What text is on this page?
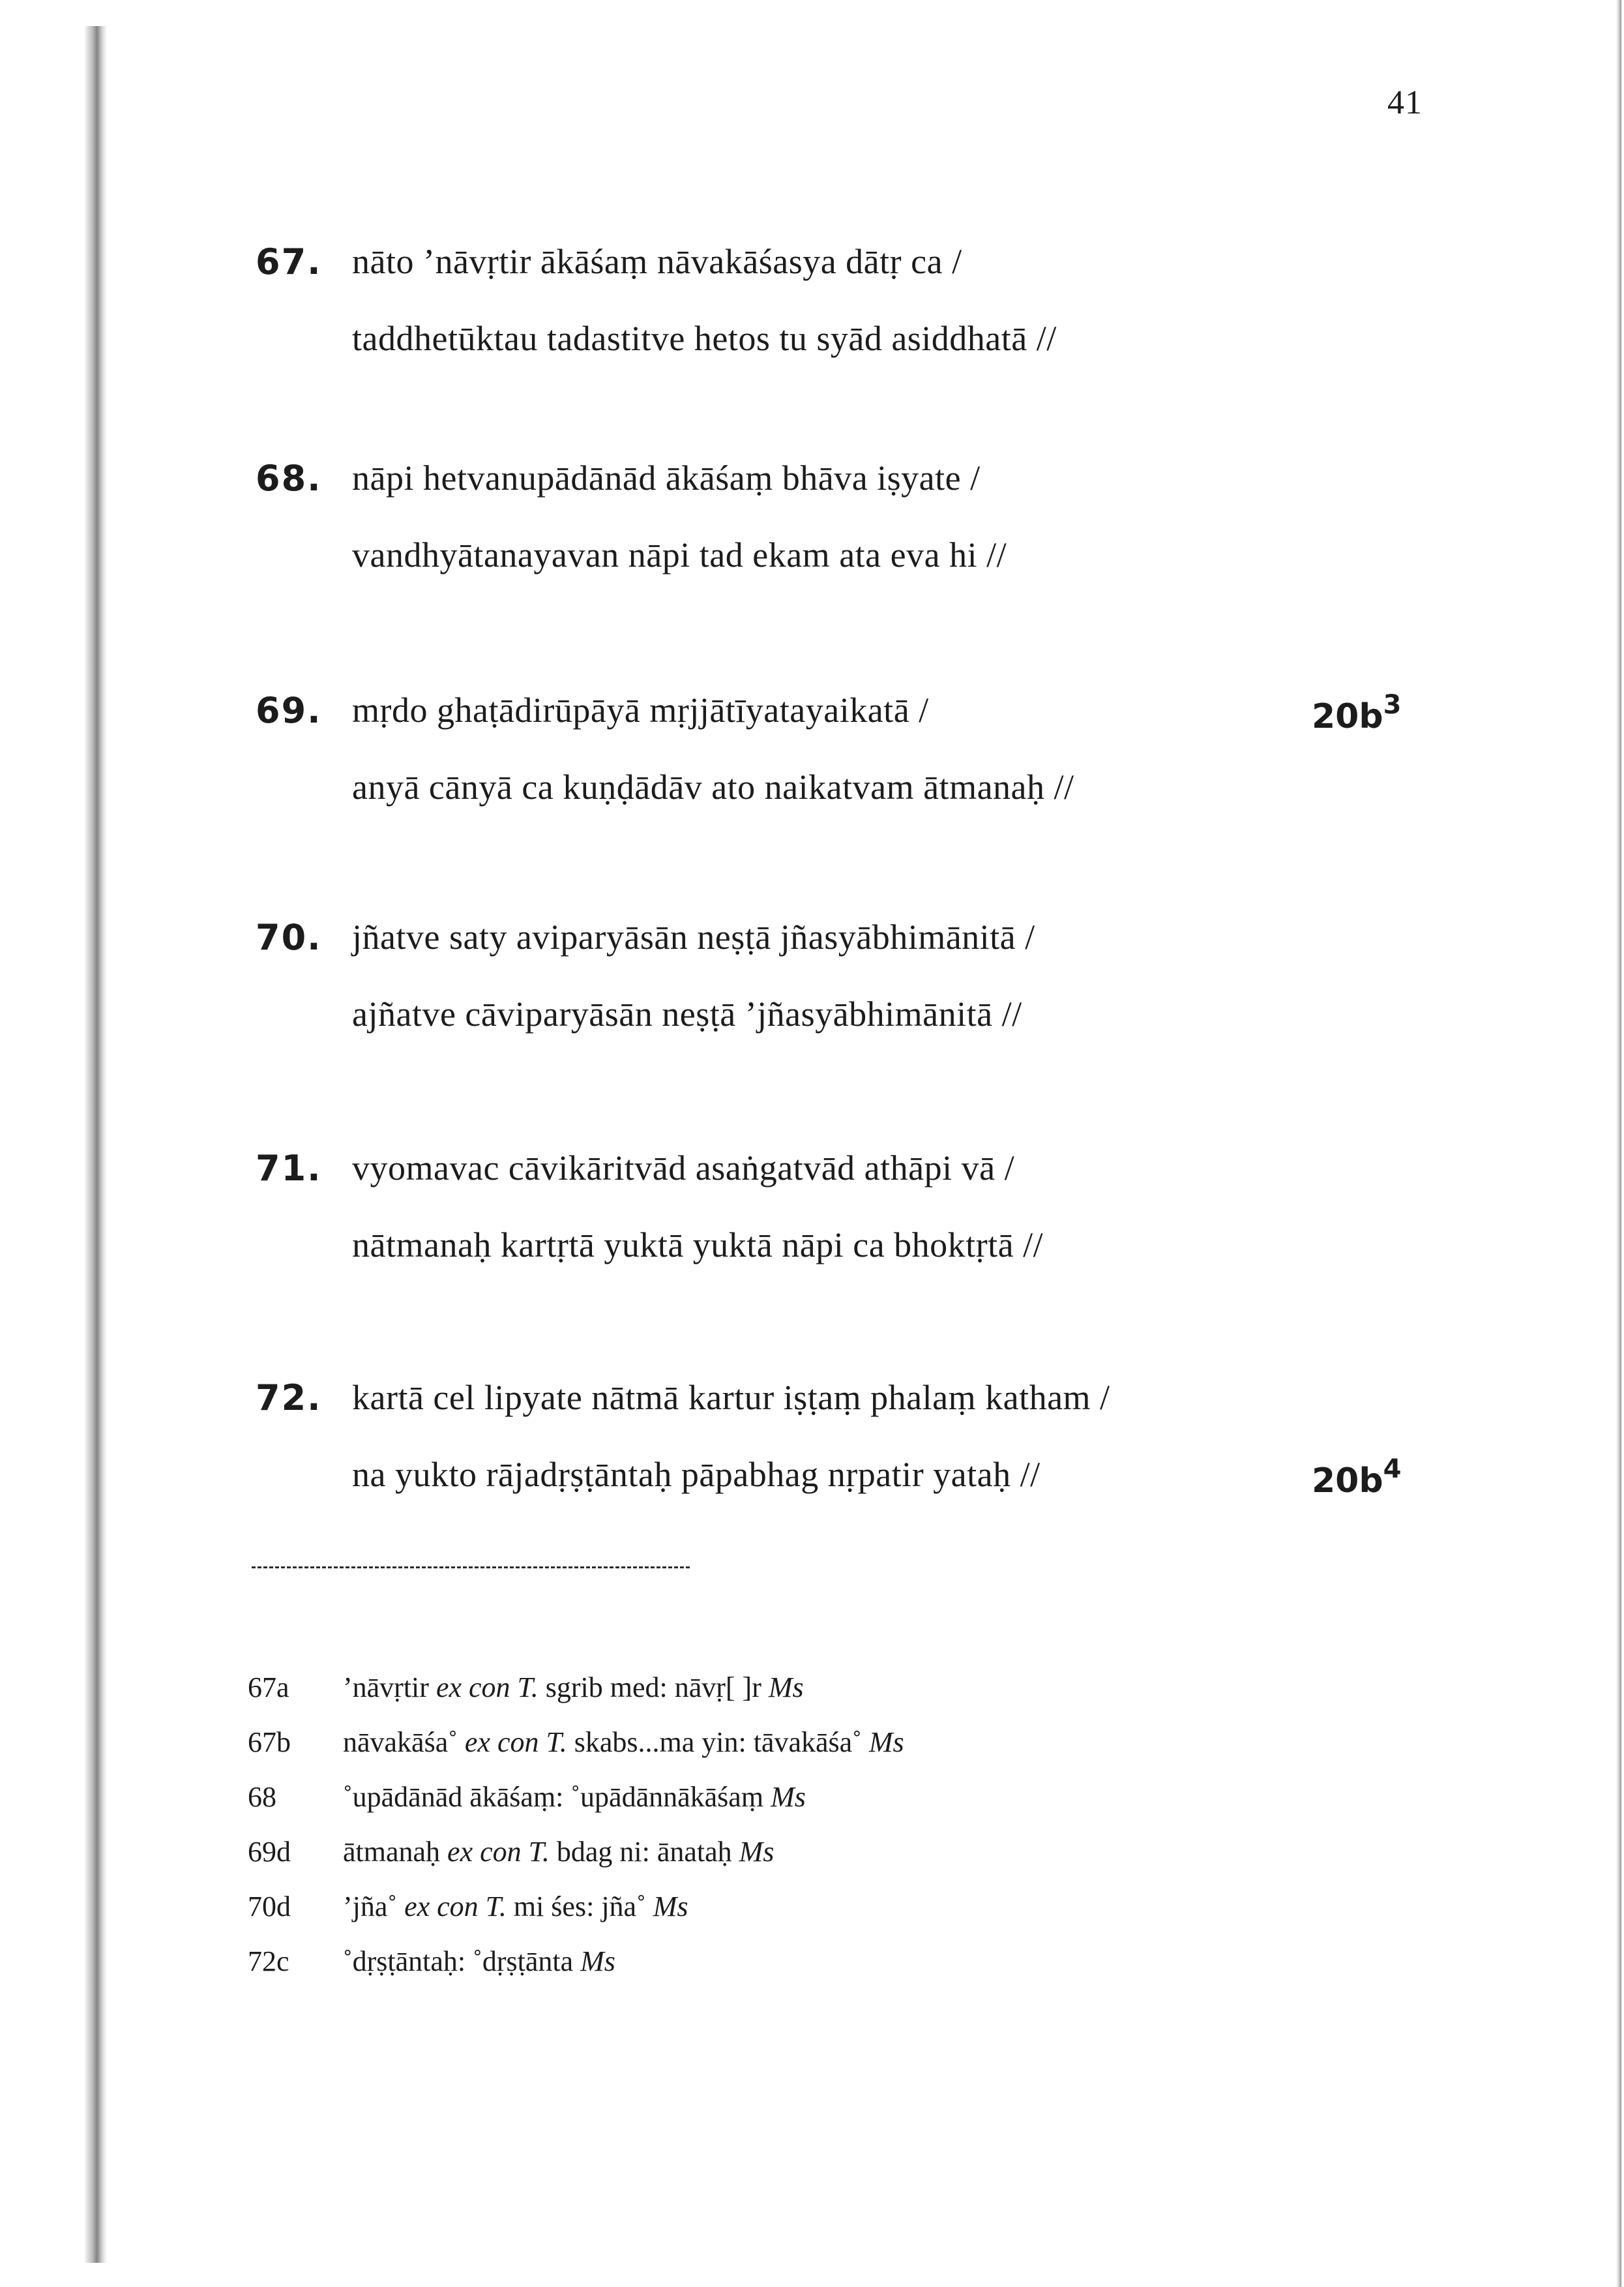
41
67. nāto ’nāvṛtir ākāśaṃ nāvakāśasya dātṛ ca /
taddhetūktau tadastitve hetos tu syād asiddhatā //
68. nāpi hetvanupādānād ākāśaṃ bhāva iṣyate /
vandhyātanayavan nāpi tad ekam ata eva hi //
69. mṛdo ghaṭādirūpāyā mṛjjātīyatayaikatā /
anyā cānyā ca kuṇḍādāv ato naikatvam ātmanaḥ //
$20b^3$
70. jñatve saty aviparyāsān neṣṭā jñasyābhimānitā /
ajñatve cāviparyāsān neṣṭā ’jñasyābhimānitā //
71. vyomavac cāvikāritvād asaṅgatvād athāpi vā /
nātmanaḥ kartṛtā yuktā yuktā nāpi ca bhoktṛtā //
72. kartā cel lipyate nātmā kartur iṣṭaṃ phalaṃ katham /
na yukto rājadṛṣṭāntaḥ pāpabhag nṛpatir yataḥ //	$20b^4$
67a ’nāvṛtir ex con T. sgrib med: nāvṛ[ ]r Ms
67b nāvakāśa˚ ex con T. skabs...ma yin: tāvakāśa˚ Ms
68 ˚upādānād ākāśaṃ: ˚upādānnākāśaṃ Ms
69d ātmanaḥ ex con T. bdag ni: ānataḥ Ms
70d ’jña˚ ex con T. mi śes: jña˚ Ms
72c ˚dṛṣṭāntaḥ: ˚dṛṣṭānta Ms
